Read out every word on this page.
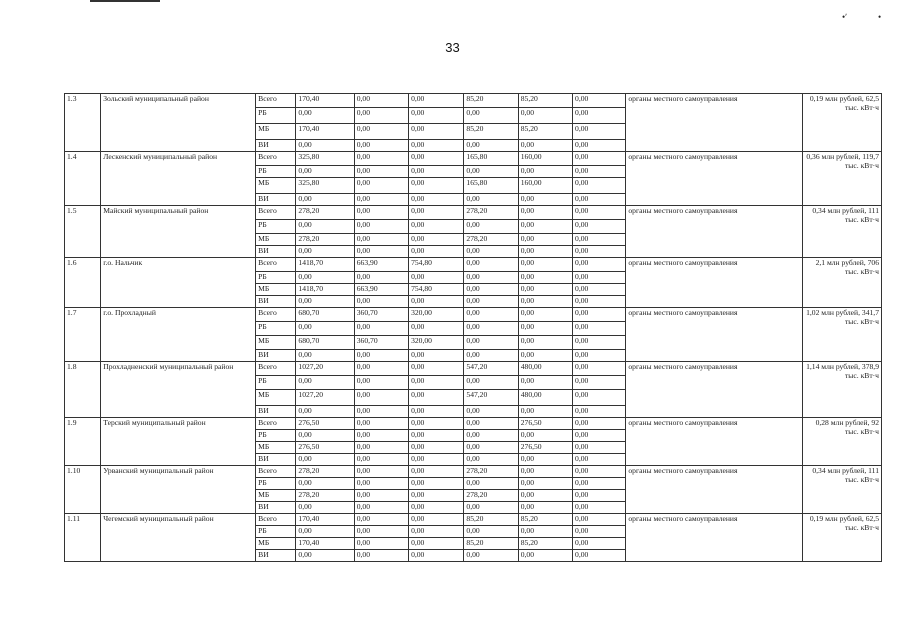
•ʹ	•
33
1.3	Зольский муниципальный район	Всего	170,40	0,00	0,00	85,20	85,20	0,00	органы местного самоуправления	0,19 млн рублей, 62,5 тыс. кВт·ч
		РБ	0,00	0,00	0,00	0,00	0,00	0,00		
		МБ	170,40	0,00	0,00	85,20	85,20	0,00		
		ВИ	0,00	0,00	0,00	0,00	0,00	0,00		
1.4	Лескенский муниципальный район	Всего	325,80	0,00	0,00	165,80	160,00	0,00	органы местного самоуправления	0,36 млн рублей, 119,7 тыс. кВт·ч
		РБ	0,00	0,00	0,00	0,00	0,00	0,00		
		МБ	325,80	0,00	0,00	165,80	160,00	0,00		
		ВИ	0,00	0,00	0,00	0,00	0,00	0,00		
1.5	Майский муниципальный район	Всего	278,20	0,00	0,00	278,20	0,00	0,00	органы местного самоуправления	0,34 млн рублей, 111 тыс. кВт·ч
		РБ	0,00	0,00	0,00	0,00	0,00	0,00		
		МБ	278,20	0,00	0,00	278,20	0,00	0,00		
		ВИ	0,00	0,00	0,00	0,00	0,00	0,00		
1.6	г.о. Нальчик	Всего	1418,70	663,90	754,80	0,00	0,00	0,00	органы местного самоуправления	2,1 млн рублей, 706 тыс. кВт·ч
		РБ	0,00	0,00	0,00	0,00	0,00	0,00		
		МБ	1418,70	663,90	754,80	0,00	0,00	0,00		
		ВИ	0,00	0,00	0,00	0,00	0,00	0,00		
1.7	г.о. Прохладный	Всего	680,70	360,70	320,00	0,00	0,00	0,00	органы местного самоуправления	1,02 млн рублей, 341,7 тыс. кВт·ч
		РБ	0,00	0,00	0,00	0,00	0,00	0,00		
		МБ	680,70	360,70	320,00	0,00	0,00	0,00		
		ВИ	0,00	0,00	0,00	0,00	0,00	0,00		
1.8	Прохладненский муниципальный район	Всего	1027,20	0,00	0,00	547,20	480,00	0,00	органы местного самоуправления	1,14 млн рублей, 378,9 тыс. кВт·ч
		РБ	0,00	0,00	0,00	0,00	0,00	0,00		
		МБ	1027,20	0,00	0,00	547,20	480,00	0,00		
		ВИ	0,00	0,00	0,00	0,00	0,00	0,00		
1.9	Терский муниципальный район	Всего	276,50	0,00	0,00	0,00	276,50	0,00	органы местного самоуправления	0,28 млн рублей, 92 тыс. кВт·ч
		РБ	0,00	0,00	0,00	0,00	0,00	0,00		
		МБ	276,50	0,00	0,00	0,00	276,50	0,00		
		ВИ	0,00	0,00	0,00	0,00	0,00	0,00		
1.10	Урванский муниципальный район	Всего	278,20	0,00	0,00	278,20	0,00	0,00	органы местного самоуправления	0,34 млн рублей, 111 тыс. кВт·ч
		РБ	0,00	0,00	0,00	0,00	0,00	0,00		
		МБ	278,20	0,00	0,00	278,20	0,00	0,00		
		ВИ	0,00	0,00	0,00	0,00	0,00	0,00		
1.11	Чегемский муниципальный район	Всего	170,40	0,00	0,00	85,20	85,20	0,00	органы местного самоуправления	0,19 млн рублей, 62,5 тыс. кВт·ч
		РБ	0,00	0,00	0,00	0,00	0,00	0,00		
		МБ	170,40	0,00	0,00	85,20	85,20	0,00		
		ВИ	0,00	0,00	0,00	0,00	0,00	0,00		
